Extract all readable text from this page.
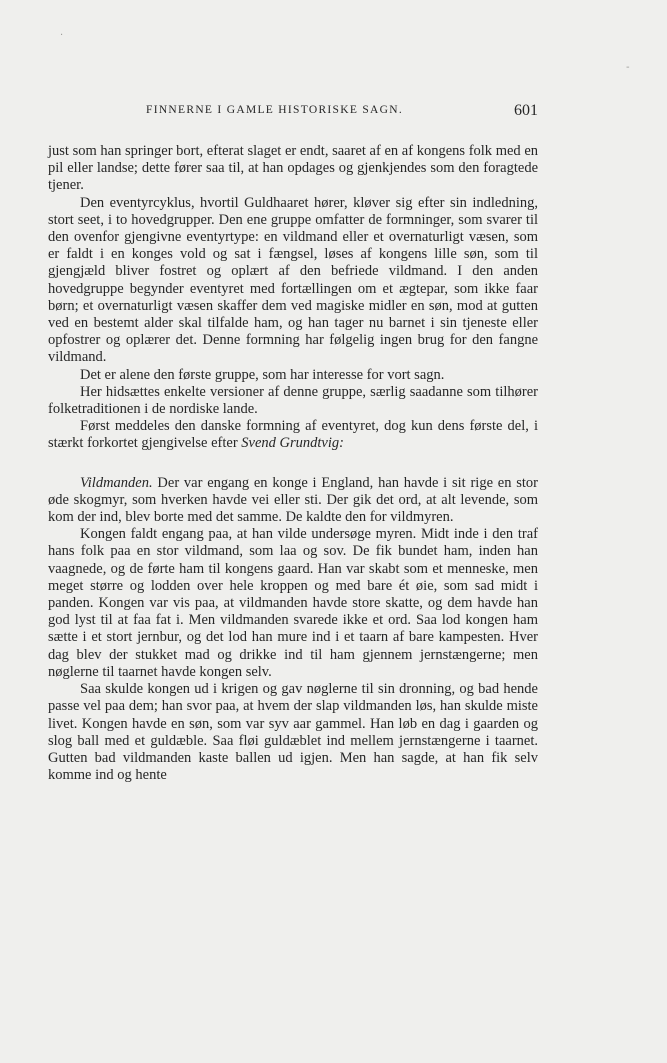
·
-
FINNERNE I GAMLE HISTORISKE SAGN.	601

just som han springer bort, efterat slaget er endt, saaret af en af kongens folk med en pil eller landse; dette fører saa til, at han opdages og gjenkjendes som den foragtede tjener.

Den eventyrcyklus, hvortil Guldhaaret hører, kløver sig efter sin indledning, stort seet, i to hovedgrupper. Den ene gruppe omfatter de formninger, som svarer til den ovenfor gjengivne eventyrtype: en vildmand eller et overnaturligt væsen, som er faldt i en konges vold og sat i fængsel, løses af kongens lille søn, som til gjengjæld bliver fostret og oplært af den befriede vildmand. I den anden hovedgruppe begynder eventyret med fortællingen om et ægtepar, som ikke faar børn; et overnaturligt væsen skaffer dem ved magiske midler en søn, mod at gutten ved en bestemt alder skal tilfalde ham, og han tager nu barnet i sin tjeneste eller opfostrer og oplærer det. Denne formning har følgelig ingen brug for den fangne vildmand.

Det er alene den første gruppe, som har interesse for vort sagn.

Her hidsættes enkelte versioner af denne gruppe, særlig saadanne som tilhører folketraditionen i de nordiske lande.

Først meddeles den danske formning af eventyret, dog kun dens første del, i stærkt forkortet gjengivelse efter Svend Grundtvig:

Vildmanden. Der var engang en konge i England, han havde i sit rige en stor øde skogmyr, som hverken havde vei eller sti. Der gik det ord, at alt levende, som kom der ind, blev borte med det samme. De kaldte den for vildmyren.

Kongen faldt engang paa, at han vilde undersøge myren. Midt inde i den traf hans folk paa en stor vildmand, som laa og sov. De fik bundet ham, inden han vaagnede, og de førte ham til kongens gaard. Han var skabt som et menneske, men meget større og lodden over hele kroppen og med bare ét øie, som sad midt i panden. Kongen var vis paa, at vildmanden havde store skatte, og dem havde han god lyst til at faa fat i. Men vildmanden svarede ikke et ord. Saa lod kongen ham sætte i et stort jernbur, og det lod han mure ind i et taarn af bare kampesten. Hver dag blev der stukket mad og drikke ind til ham gjennem jernstængerne; men nøglerne til taarnet havde kongen selv.

Saa skulde kongen ud i krigen og gav nøglerne til sin dronning, og bad hende passe vel paa dem; han svor paa, at hvem der slap vildmanden løs, han skulde miste livet. Kongen havde en søn, som var syv aar gammel. Han løb en dag i gaarden og slog ball med et guldæble. Saa fløi guldæblet ind mellem jernstængerne i taarnet. Gutten bad vildmanden kaste ballen ud igjen. Men han sagde, at han fik selv komme ind og hente
